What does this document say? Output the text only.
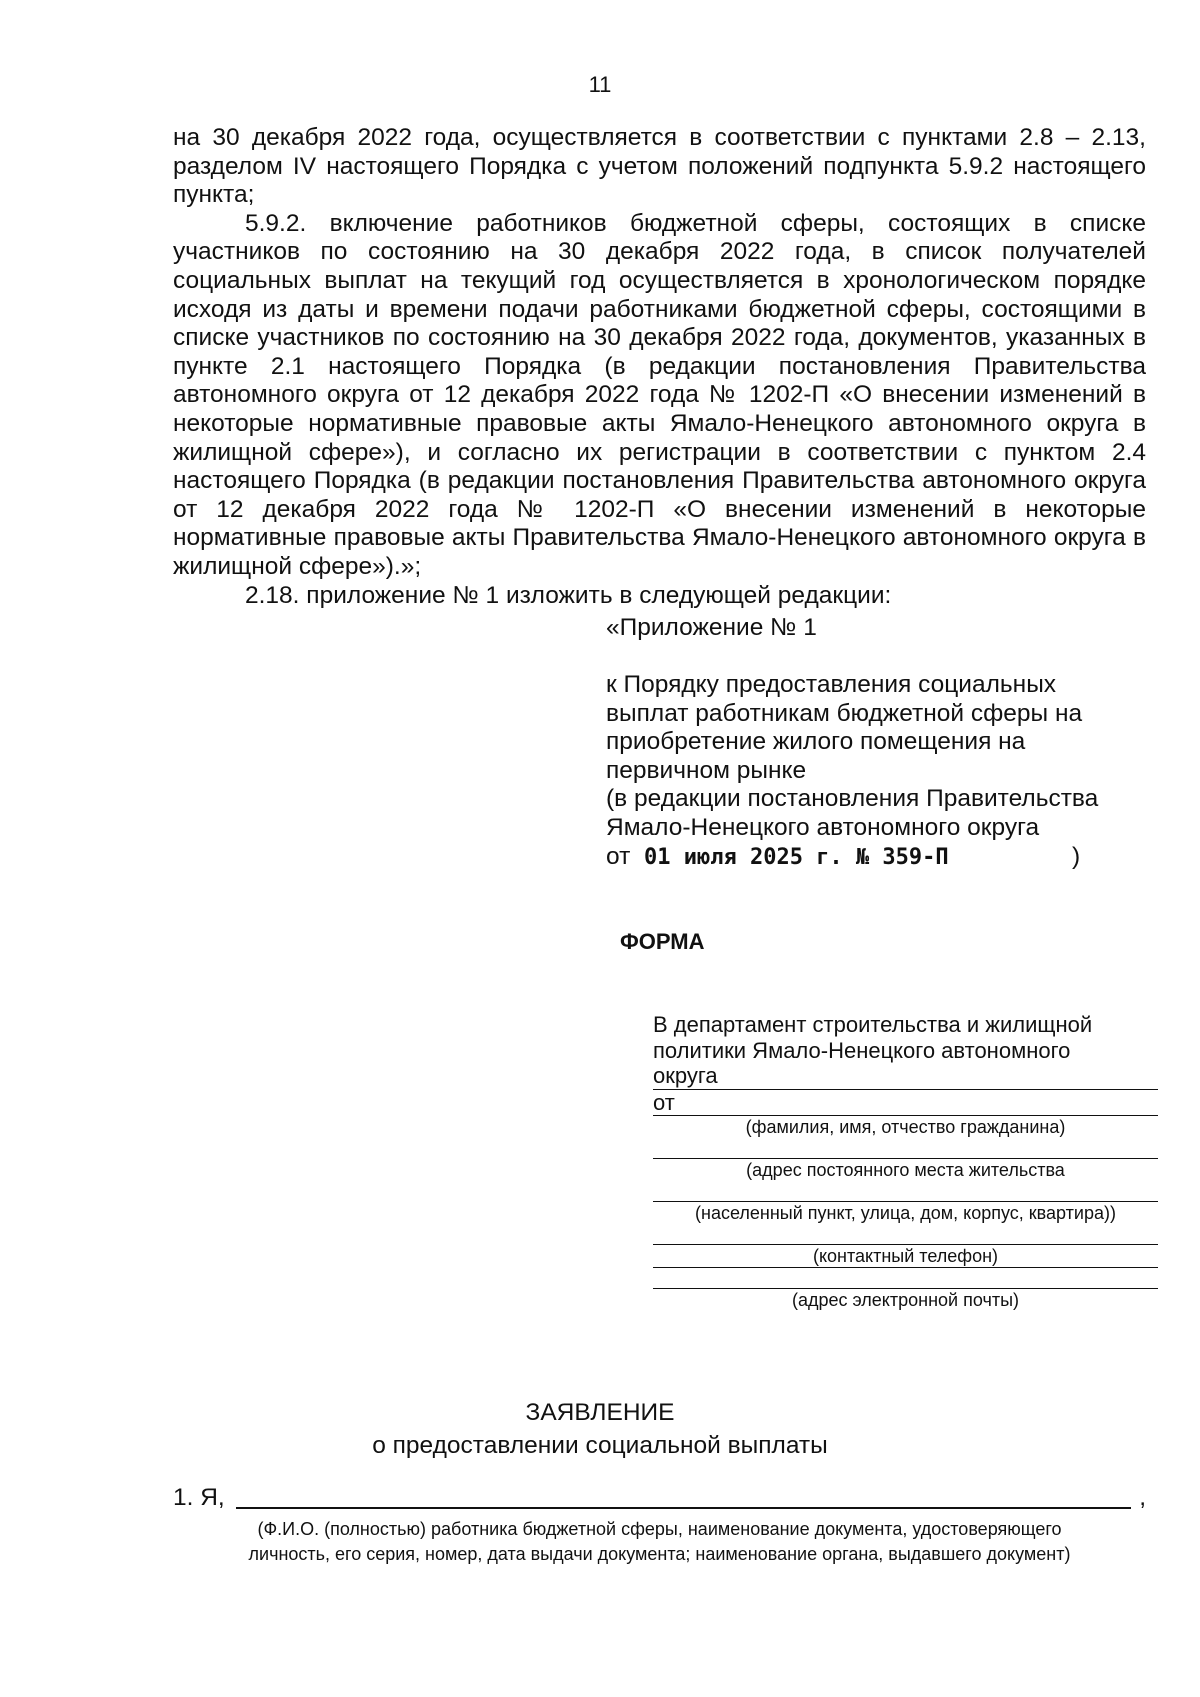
11

на 30 декабря 2022 года, осуществляется в соответствии с пунктами 2.8 – 2.13, разделом IV настоящего Порядка с учетом положений подпункта 5.9.2 настоящего пункта;

5.9.2. включение работников бюджетной сферы, состоящих в списке участников по состоянию на 30 декабря 2022 года, в список получателей социальных выплат на текущий год осуществляется в хронологическом порядке исходя из даты и времени подачи работниками бюджетной сферы, состоящими в списке участников по состоянию на 30 декабря 2022 года, документов, указанных в пункте 2.1 настоящего Порядка (в редакции постановления Правительства автономного округа от 12 декабря 2022 года № 1202-П «О внесении изменений в некоторые нормативные правовые акты Ямало-Ненецкого автономного округа в жилищной сфере»), и согласно их регистрации в соответствии с пунктом 2.4 настоящего Порядка (в редакции постановления Правительства автономного округа от 12 декабря 2022 года № 1202-П «О внесении изменений в некоторые нормативные правовые акты Правительства Ямало-Ненецкого автономного округа в жилищной сфере»).»;

2.18. приложение № 1 изложить в следующей редакции:

«Приложение № 1

к Порядку предоставления социальных

выплат работникам бюджетной сферы на

приобретение жилого помещения на

первичном рынке

(в редакции постановления Правительства

Ямало-Ненецкого автономного округа

от 01 июля 2025 г. № 359-П	)
ФОРМА

В департамент строительства и жилищной

политики Ямало-Ненецкого автономного

округа

от

(фамилия, имя, отчество гражданина)

(адрес постоянного места жительства

(населенный пункт, улица, дом, корпус, квартира))

(контактный телефон)

(адрес электронной почты)

ЗАЯВЛЕНИЕ

о предоставлении социальной выплаты

1. Я,	,

(Ф.И.О. (полностью) работника бюджетной сферы, наименование документа, удостоверяющего

личность, его серия, номер, дата выдачи документа; наименование органа, выдавшего документ)
